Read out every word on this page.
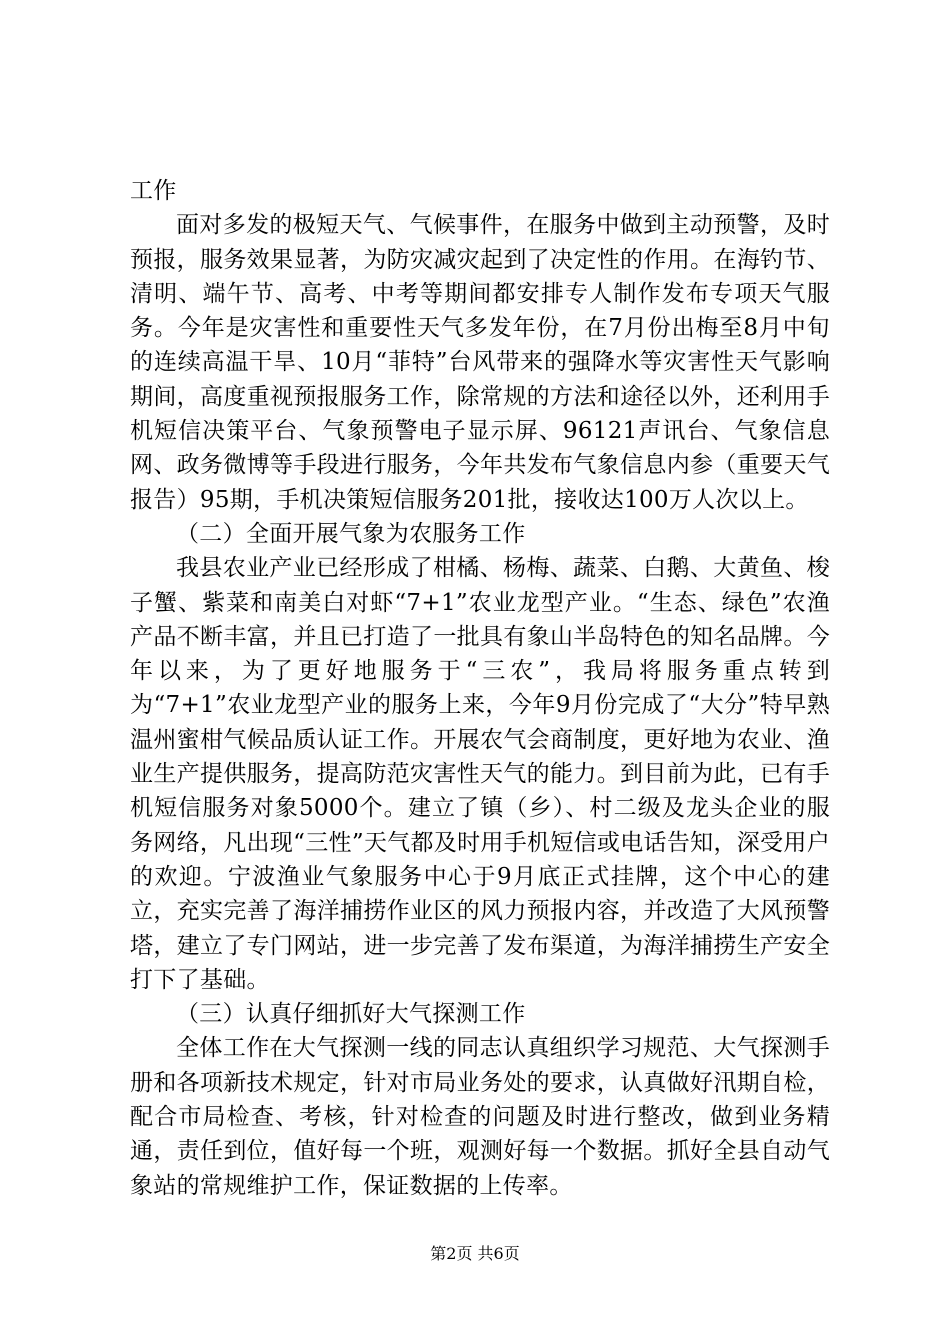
工作

面对多发的极短天气、气候事件，在服务中做到主动预警，及时预报，服务效果显著，为防灾减灾起到了决定性的作用。在海钓节、清明、端午节、高考、中考等期间都安排专人制作发布专项天气服务。今年是灾害性和重要性天气多发年份，在7月份出梅至8月中旬的连续高温干旱、10月“菲特”台风带来的强降水等灾害性天气影响期间，高度重视预报服务工作，除常规的方法和途径以外，还利用手机短信决策平台、气象预警电子显示屏、96121声讯台、气象信息网、政务微博等手段进行服务，今年共发布气象信息内参（重要天气报告）95期，手机决策短信服务201批，接收达100万人次以上。

（二）全面开展气象为农服务工作

我县农业产业已经形成了柑橘、杨梅、蔬菜、白鹅、大黄鱼、梭子蟹、紫菜和南美白对虾“7+1”农业龙型产业。“生态、绿色”农渔产品不断丰富，并且已打造了一批具有象山半岛特色的知名品牌。今年以来，为了更好地服务于“三农”，我局将服务重点转到为“7+1”农业龙型产业的服务上来，今年9月份完成了“大分”特早熟温州蜜柑气候品质认证工作。开展农气会商制度，更好地为农业、渔业生产提供服务，提高防范灾害性天气的能力。到目前为此，已有手机短信服务对象5000个。建立了镇（乡）、村二级及龙头企业的服务网络，凡出现“三性”天气都及时用手机短信或电话告知，深受用户的欢迎。宁波渔业气象服务中心于9月底正式挂牌，这个中心的建立，充实完善了海洋捕捞作业区的风力预报内容，并改造了大风预警塔，建立了专门网站，进一步完善了发布渠道，为海洋捕捞生产安全打下了基础。

（三）认真仔细抓好大气探测工作

全体工作在大气探测一线的同志认真组织学习规范、大气探测手册和各项新技术规定，针对市局业务处的要求，认真做好汛期自检，配合市局检查、考核，针对检查的问题及时进行整改，做到业务精通，责任到位，值好每一个班，观测好每一个数据。抓好全县自动气象站的常规维护工作，保证数据的上传率。

第2页 共6页
